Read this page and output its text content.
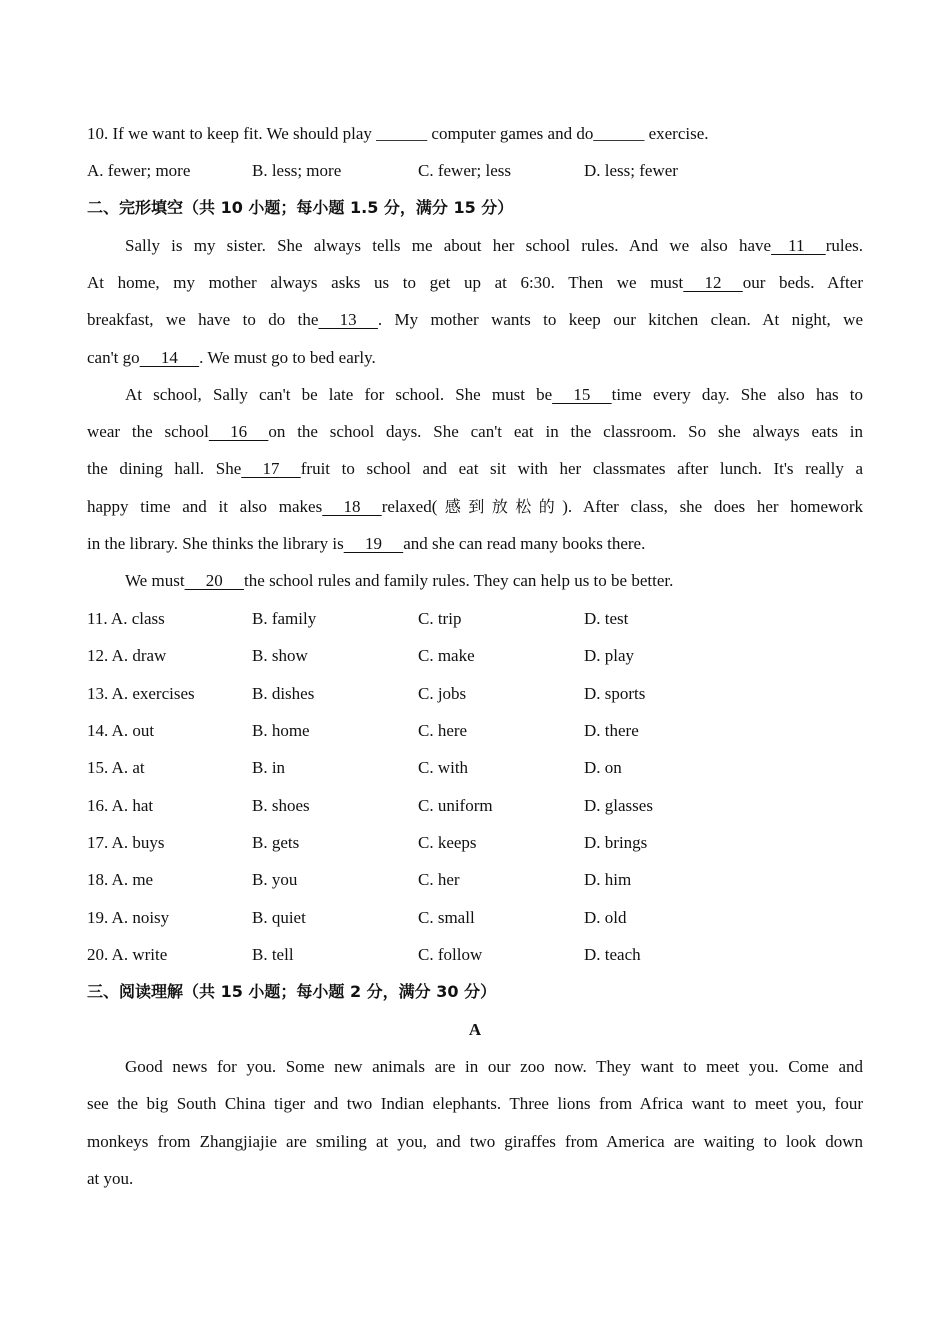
10. If we want to keep fit. We should play ______ computer games and do______ exercise.
A. fewer; more	B. less; more	C. fewer; less	D. less; fewer
二、完形填空（共 10 小题；每小题 1.5 分，满分 15 分）
Sally is my sister. She always tells me about her school rules. And we also have    11     rules.
At home, my mother always asks us to get up at 6:30. Then we must     12     our beds. After
breakfast, we have to do the     13     . My mother wants to keep our kitchen clean. At night, we
can't go     14     . We must go to bed early.
At school, Sally can't be late for school. She must be     15     time every day. She also has to
wear the school     16     on the school days. She can't eat in the classroom. So she always eats in
the dining hall. She     17     fruit to school and eat sit with her classmates after lunch. It's really a
happy time and it also makes     18     relaxed(感到放松的). After class, she does her homework
in the library. She thinks the library is     19     and she can read many books there.
We must     20     the school rules and family rules. They can help us to be better.
11. A. class	B. family	C. trip	D. test
12. A. draw	B. show	C. make	D. play
13. A. exercises	B. dishes	C. jobs	D. sports
14. A. out	B. home	C. here	D. there
15. A. at	B. in	C. with	D. on
16. A. hat	B. shoes	C. uniform	D. glasses
17. A. buys	B. gets	C. keeps	D. brings
18. A. me	B. you	C. her	D. him
19. A. noisy	B. quiet	C. small	D. old
20. A. write	B. tell	C. follow	D. teach
三、阅读理解（共 15 小题；每小题 2 分，满分 30 分）
A
Good news for you. Some new animals are in our zoo now. They want to meet you. Come and
see the big South China tiger and two Indian elephants. Three lions from Africa want to meet you, four
monkeys from Zhangjiajie are smiling at you, and two giraffes from America are waiting to look down
at you.
